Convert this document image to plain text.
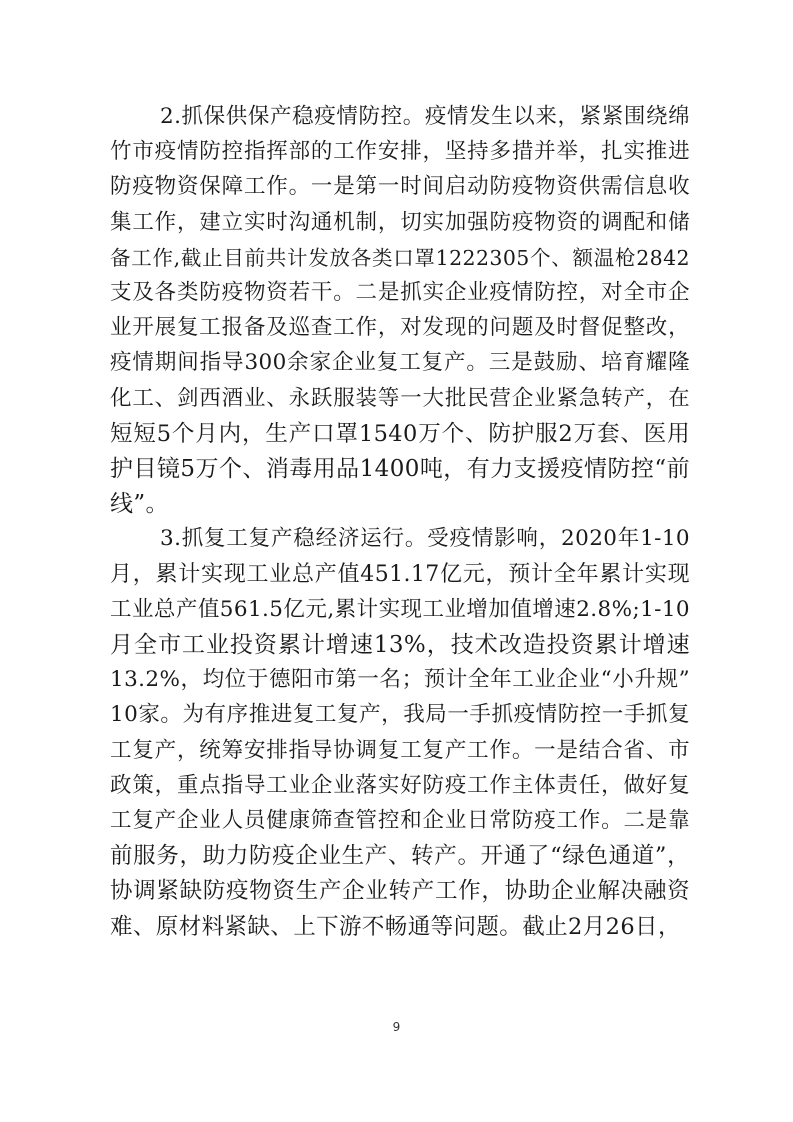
2.抓保供保产稳疫情防控。疫情发生以来，紧紧围绕绵
竹市疫情防控指挥部的工作安排，坚持多措并举，扎实推进
防疫物资保障工作。一是第一时间启动防疫物资供需信息收
集工作，建立实时沟通机制，切实加强防疫物资的调配和储
备工作,截止目前共计发放各类口罩1222305个、额温枪2842
支及各类防疫物资若干。二是抓实企业疫情防控，对全市企
业开展复工报备及巡查工作，对发现的问题及时督促整改，
疫情期间指导300余家企业复工复产。三是鼓励、培育耀隆
化工、剑西酒业、永跃服装等一大批民营企业紧急转产，在
短短5个月内，生产口罩1540万个、防护服2万套、医用
护目镜5万个、消毒用品1400吨，有力支援疫情防控“前
线”。
3.抓复工复产稳经济运行。受疫情影响，2020年1-10
月，累计实现工业总产值451.17亿元，预计全年累计实现
工业总产值561.5亿元,累计实现工业增加值增速2.8%;1-10
月全市工业投资累计增速13%，技术改造投资累计增速
13.2%，均位于德阳市第一名；预计全年工业企业“小升规”
10家。为有序推进复工复产，我局一手抓疫情防控一手抓复
工复产，统筹安排指导协调复工复产工作。一是结合省、市
政策，重点指导工业企业落实好防疫工作主体责任，做好复
工复产企业人员健康筛查管控和企业日常防疫工作。二是靠
前服务，助力防疫企业生产、转产。开通了“绿色通道”，
协调紧缺防疫物资生产企业转产工作，协助企业解决融资
难、原材料紧缺、上下游不畅通等问题。截止2月26日，
9
